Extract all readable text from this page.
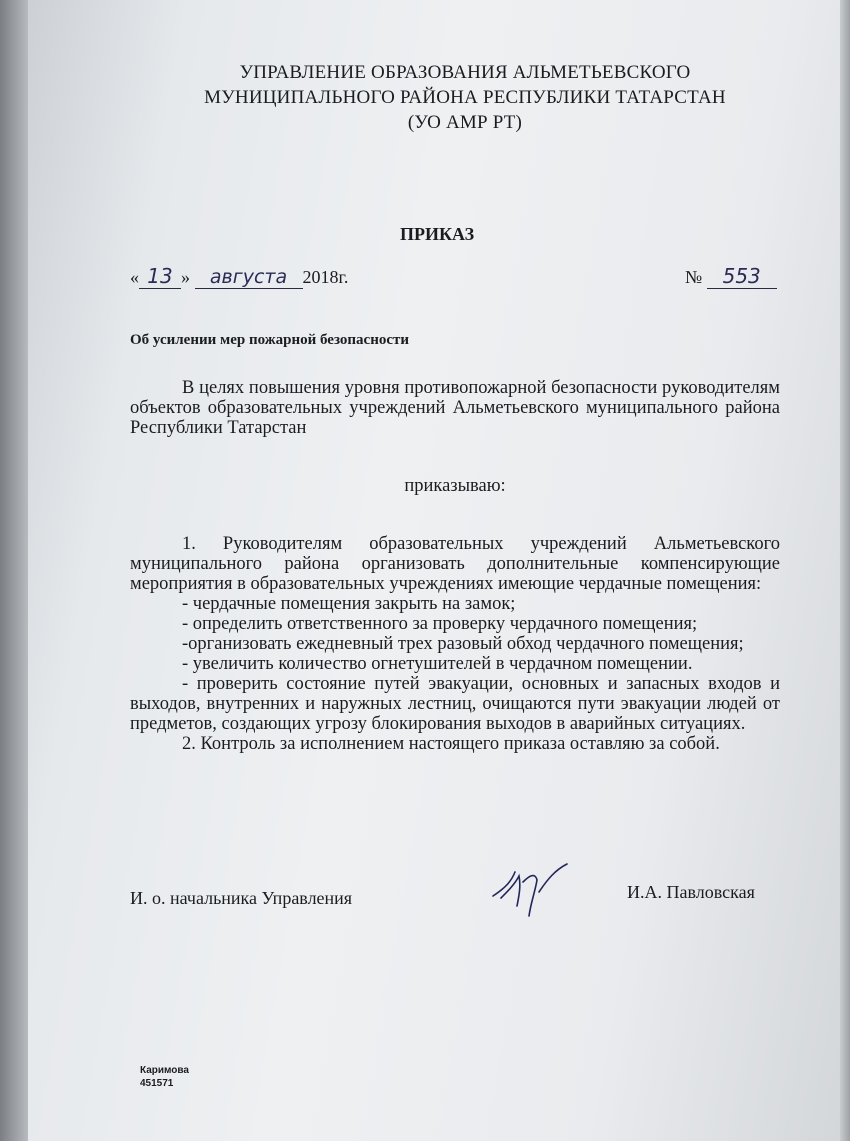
УПРАВЛЕНИЕ ОБРАЗОВАНИЯ АЛЬМЕТЬЕВСКОГО
МУНИЦИПАЛЬНОГО РАЙОНА РЕСПУБЛИКИ ТАТАРСТАН
(УО АМР РТ)
ПРИКАЗ
« 13 » августа 2018г.	№ 553
Об усилении мер пожарной безопасности

В целях повышения уровня противопожарной безопасности руководителям объектов образовательных учреждений Альметьевского муниципального района Республики Татарстан

приказываю:

1. Руководителям образовательных учреждений Альметьевского муниципального района организовать дополнительные компенсирующие мероприятия в образовательных учреждениях имеющие чердачные помещения:

- чердачные помещения закрыть на замок;

- определить ответственного за проверку чердачного помещения;

-организовать ежедневный трех разовый обход чердачного помещения;

- увеличить количество огнетушителей в чердачном помещении.

- проверить состояние путей эвакуации, основных и запасных входов и выходов, внутренних и наружных лестниц, очищаются пути эвакуации людей от предметов, создающих угрозу блокирования выходов в аварийных ситуациях.

2. Контроль за исполнением настоящего приказа оставляю за собой.

И. о. начальника Управления	И.А. Павловская
Каримова
451571
